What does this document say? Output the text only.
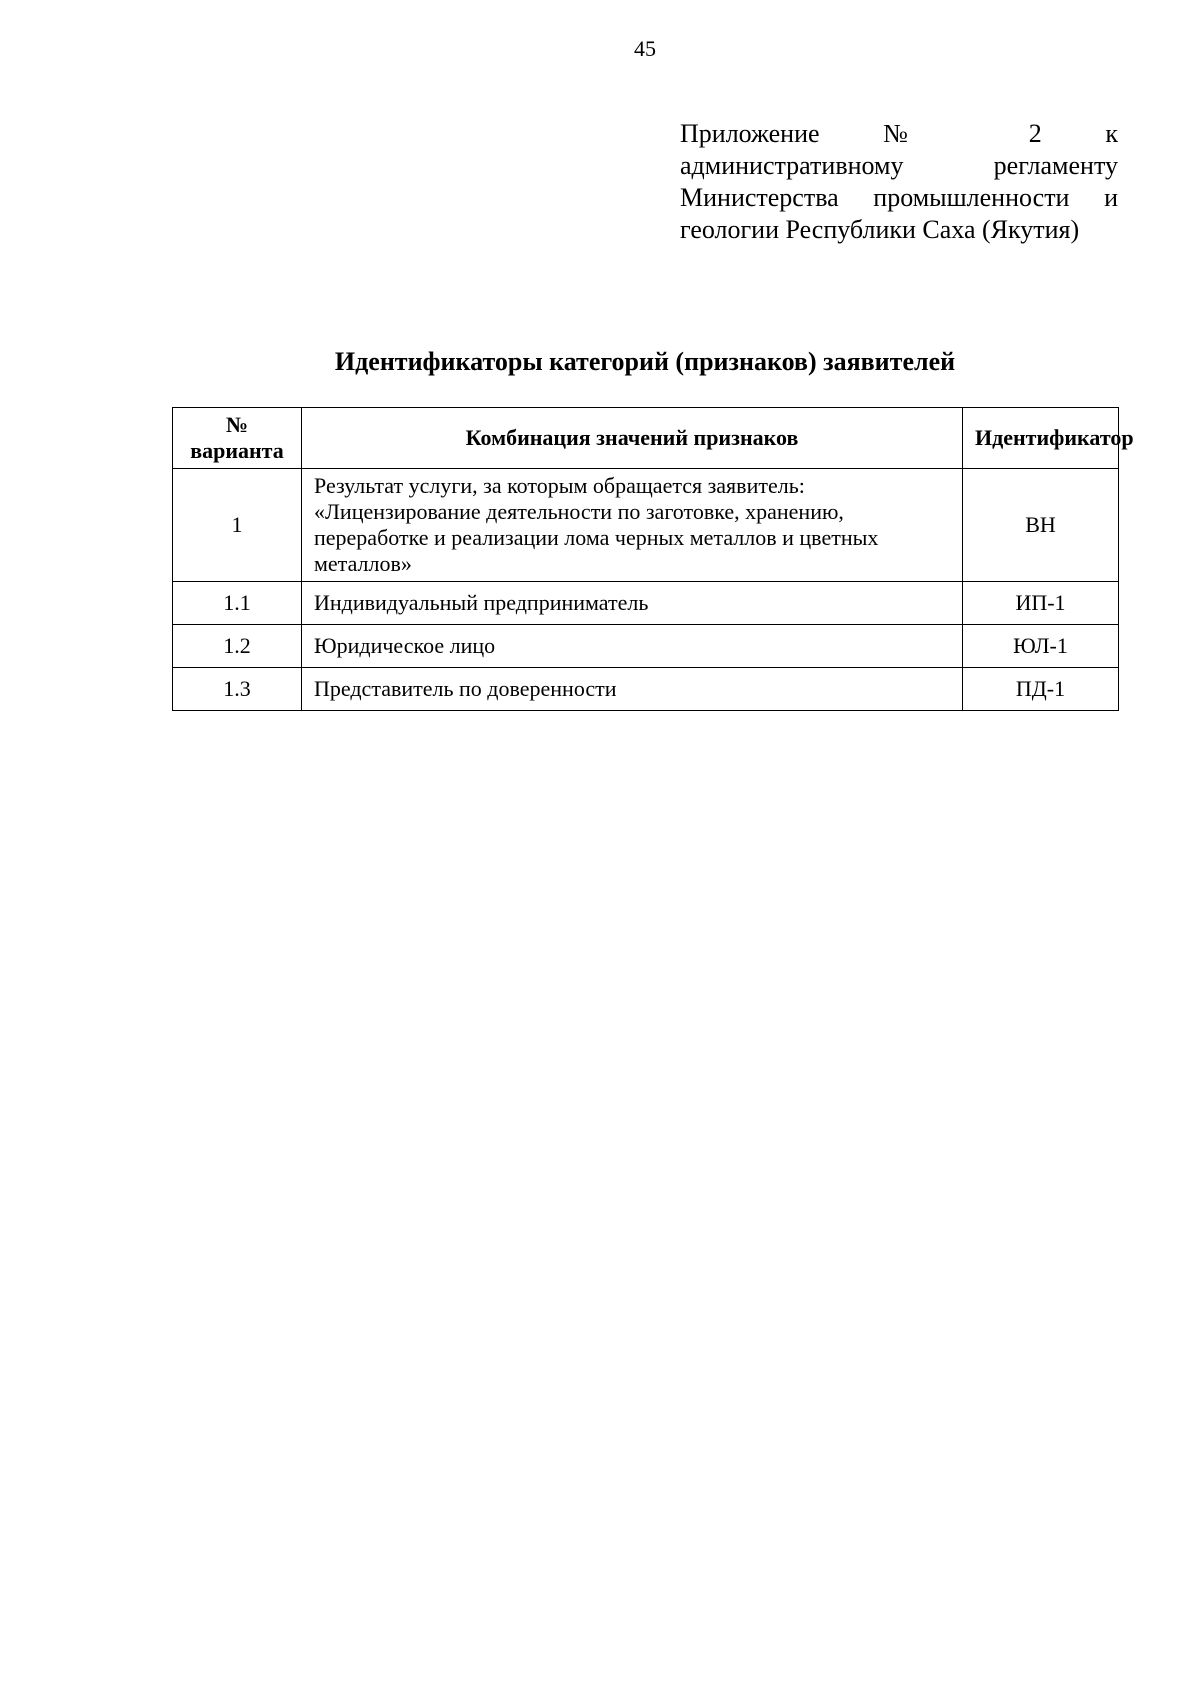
45
Приложение № 2 к
административному регламенту
Министерства промышленности и
геологии Республики Саха (Якутия)
Идентификаторы категорий (признаков) заявителей
№ варианта	Комбинация значений признаков	Идентификатор
1	Результат услуги, за которым обращается заявитель: «Лицензирование деятельности по заготовке, хранению, переработке и реализации лома черных металлов и цветных металлов»	ВН
1.1	Индивидуальный предприниматель	ИП-1
1.2	Юридическое лицо	ЮЛ-1
1.3	Представитель по доверенности	ПД-1
